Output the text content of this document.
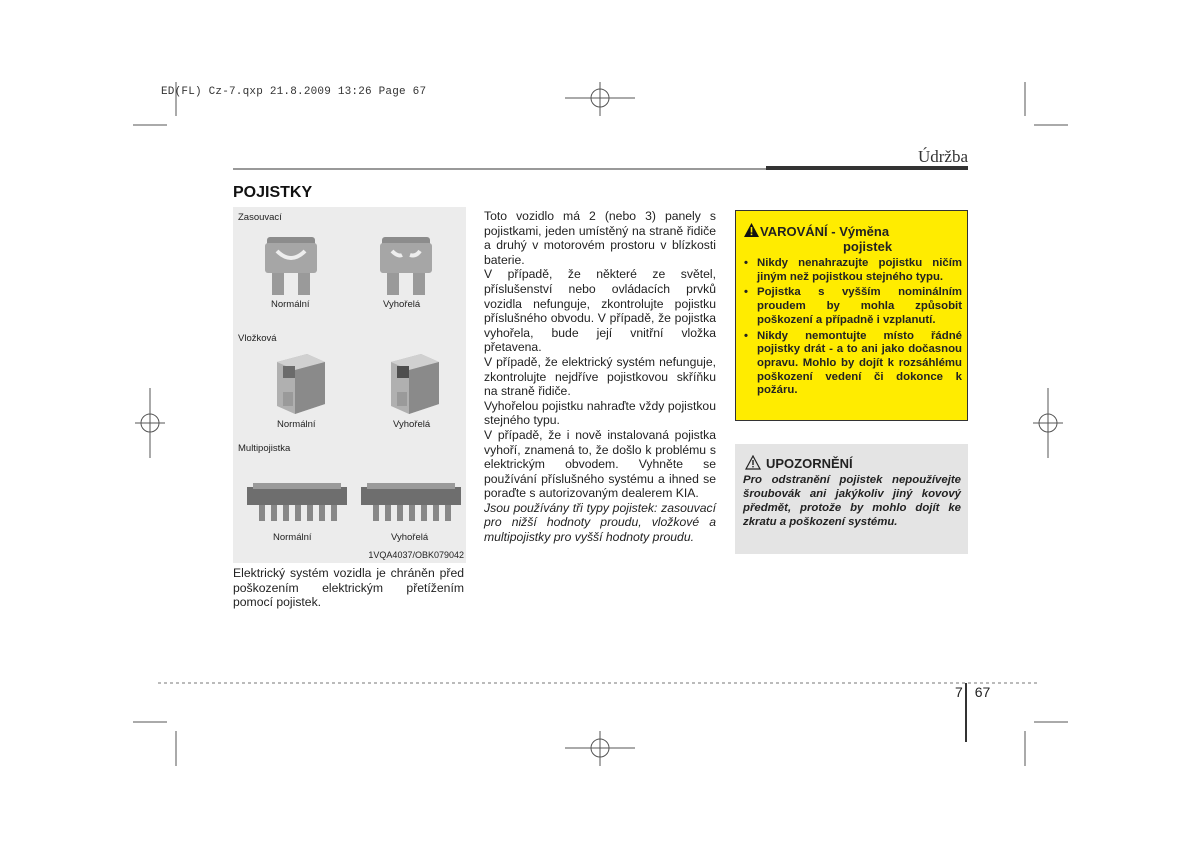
ED(FL) Cz-7.qxp 21.8.2009 13:26 Page 67
Údržba
POJISTKY
Zasouvací
Normální	Vyhořelá
Vložková
Normální	Vyhořelá
Multipojistka
Normální	Vyhořelá
1VQA4037/OBK079042

Elektrický systém vozidla je chráněn před poškozením elektrickým přetížením pomocí pojistek.

Toto vozidlo má 2 (nebo 3) panely s pojistkami, jeden umístěný na straně řidiče a druhý v motorovém prostoru v blízkosti baterie.

V případě, že některé ze světel, příslušenství nebo ovládacích prvků vozidla nefunguje, zkontrolujte pojistku příslušného obvodu. V případě, že pojistka vyhořela, bude její vnitřní vložka přetavena.

V případě, že elektrický systém nefunguje, zkontrolujte nejdříve pojistkovou skříňku na straně řidiče.

Vyhořelou pojistku nahraďte vždy pojistkou stejného typu.

V případě, že i nově instalovaná pojistka vyhoří, znamená to, že došlo k problému s elektrickým obvodem. Vyhněte se používání příslušného systému a ihned se poraďte s autorizovaným dealerem KIA.

Jsou používány tři typy pojistek: zasouvací pro nižší hodnoty proudu, vložkové a multipojistky pro vyšší hodnoty proudu.

VAROVÁNÍ - Výměna
pojistek
• Nikdy nenahrazujte pojistku ničím jiným než pojistkou stejného typu.
• Pojistka s vyšším nominálním proudem by mohla způsobit poškození a případně i vzplanutí.
• Nikdy nemontujte místo řádné pojistky drát - a to ani jako dočasnou opravu. Mohlo by dojít k rozsáhlému poškození vedení či dokonce k požáru.
UPOZORNĚNÍ
Pro odstranění pojistek nepoužívejte šroubovák ani jakýkoliv jiný kovový předmět, protože by mohlo dojít ke zkratu a poškození systému.
7 67
